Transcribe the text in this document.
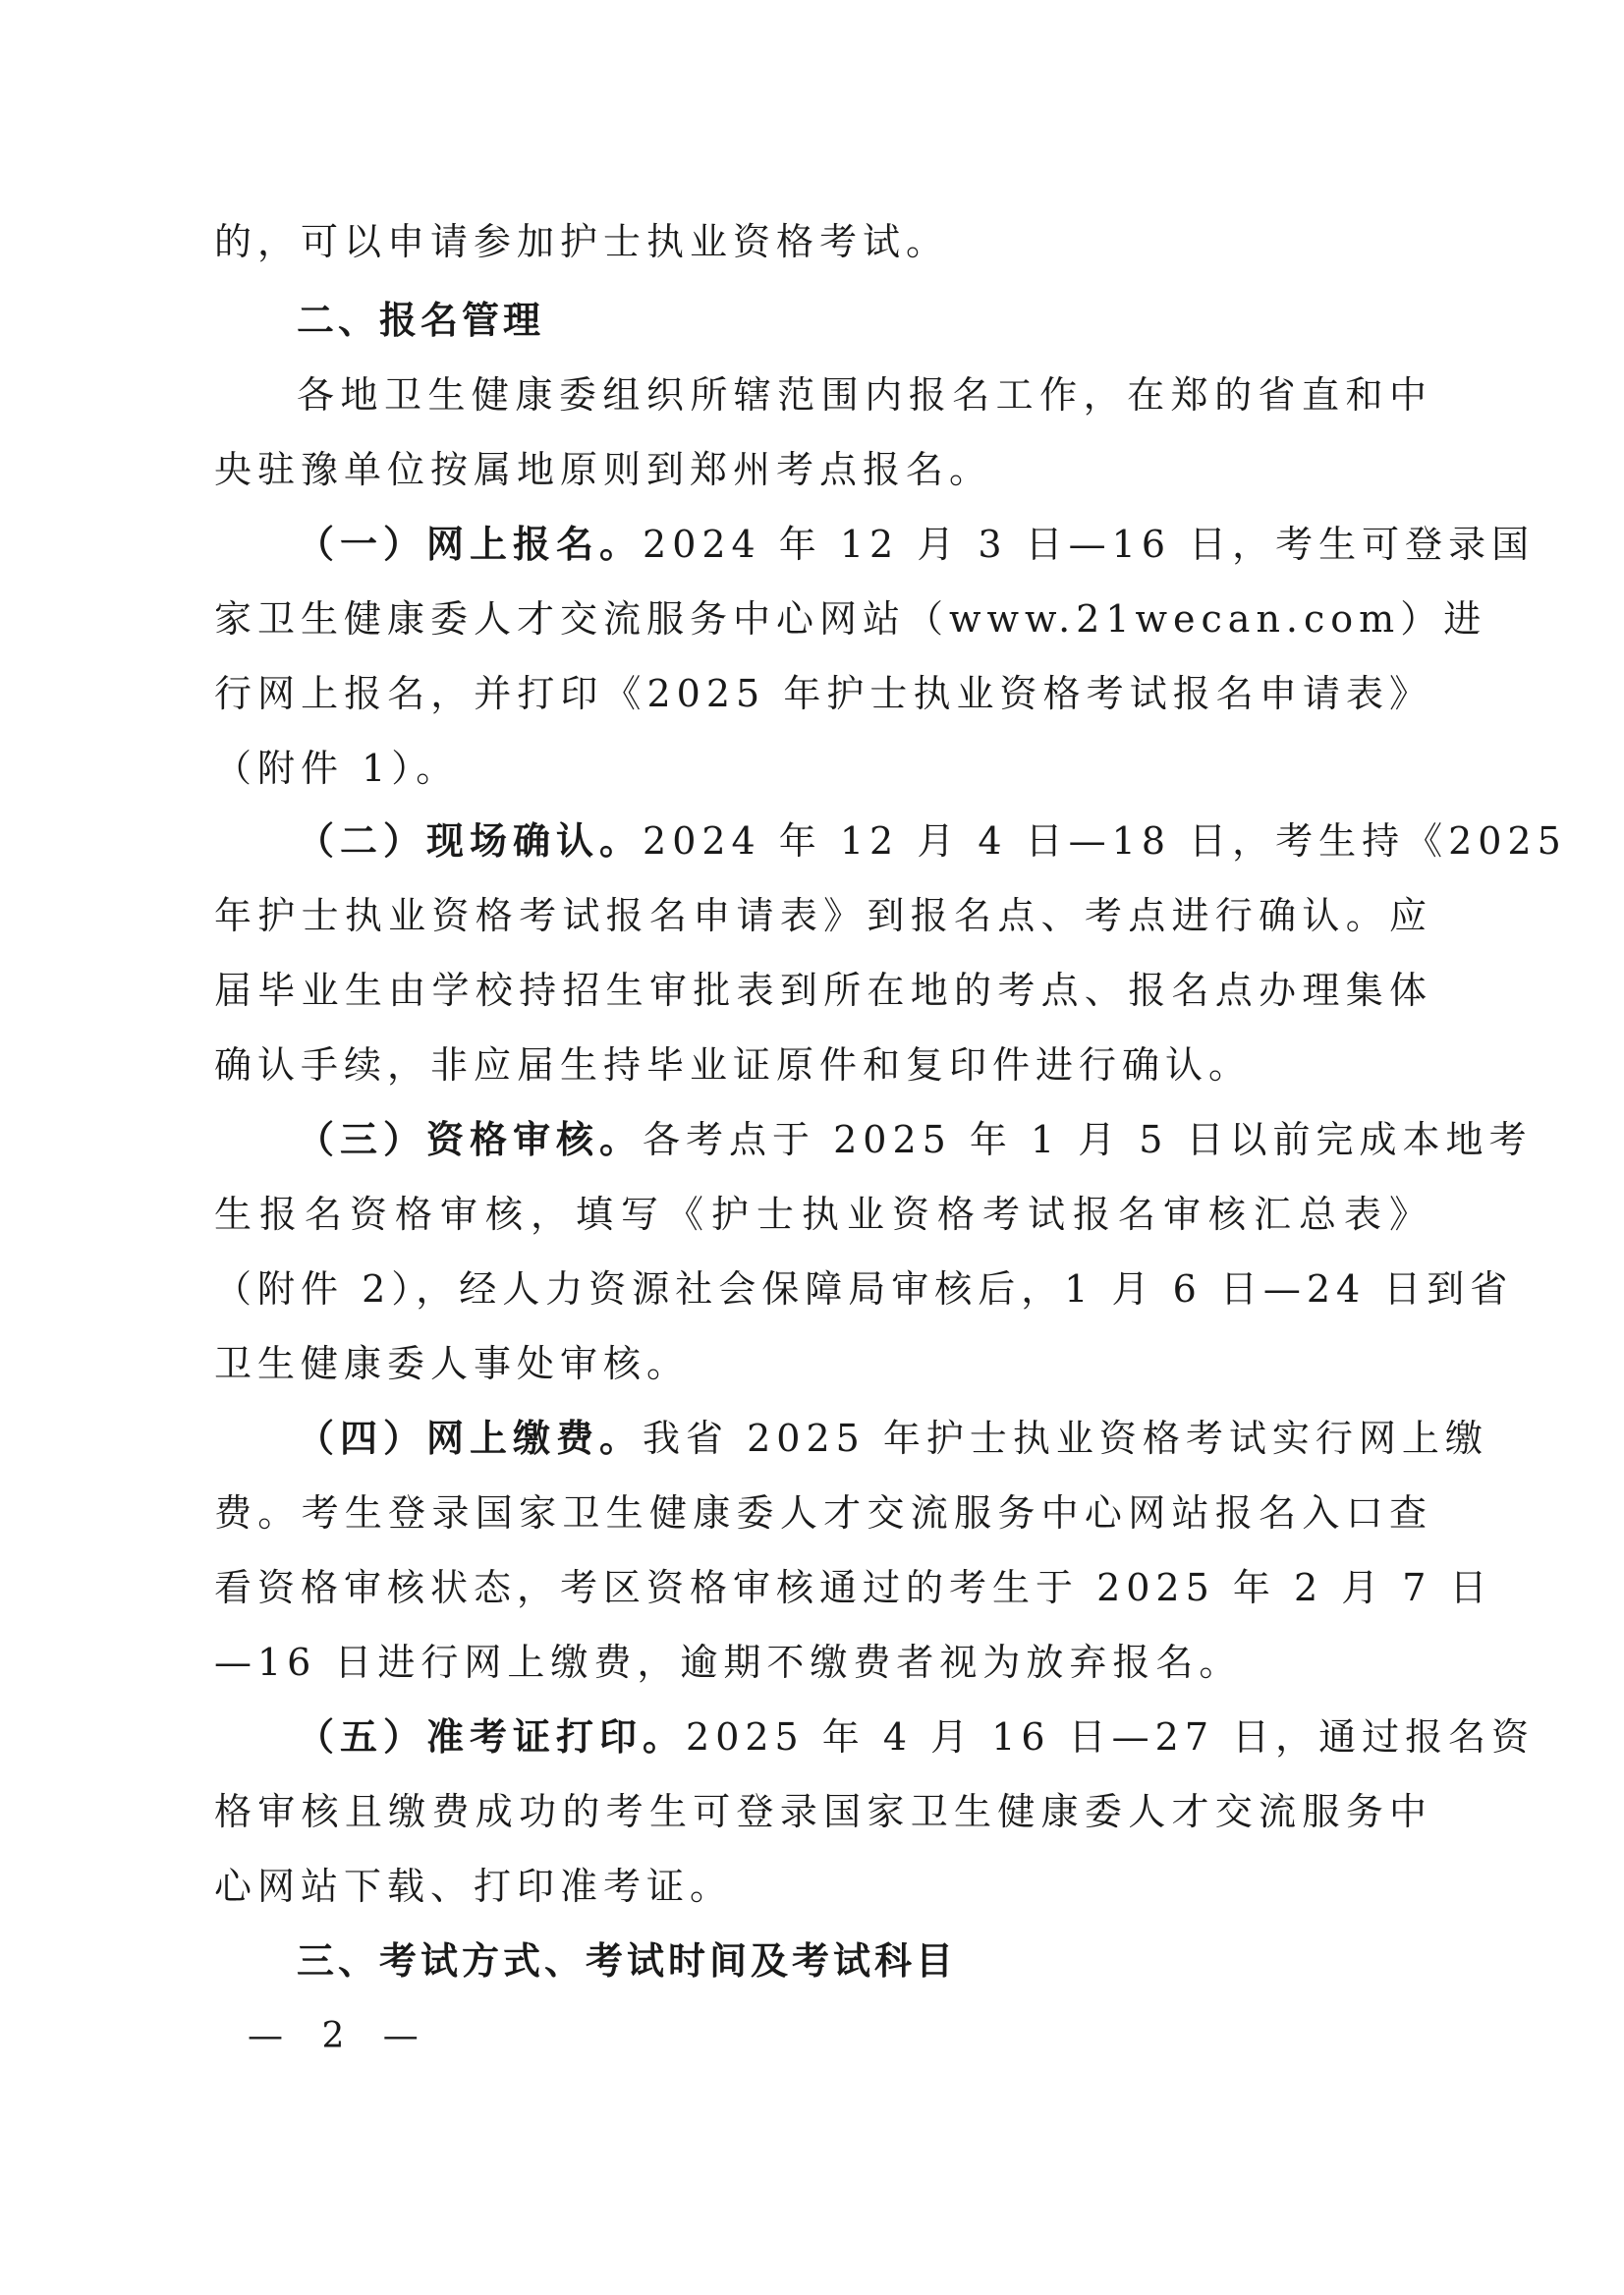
的，可以申请参加护士执业资格考试。
二、报名管理
各地卫生健康委组织所辖范围内报名工作，在郑的省直和中
央驻豫单位按属地原则到郑州考点报名。
（一）网上报名。2024 年 12 月 3 日—16 日，考生可登录国
家卫生健康委人才交流服务中心网站（www.21wecan.com）进
行网上报名，并打印《2025 年护士执业资格考试报名申请表》
（附件 1）。
（二）现场确认。2024 年 12 月 4 日—18 日，考生持《2025
年护士执业资格考试报名申请表》到报名点、考点进行确认。应
届毕业生由学校持招生审批表到所在地的考点、报名点办理集体
确认手续，非应届生持毕业证原件和复印件进行确认。
（三）资格审核。各考点于 2025 年 1 月 5 日以前完成本地考
生报名资格审核，填写《护士执业资格考试报名审核汇总表》
（附件 2），经人力资源社会保障局审核后，1 月 6 日—24 日到省
卫生健康委人事处审核。
（四）网上缴费。我省 2025 年护士执业资格考试实行网上缴
费。考生登录国家卫生健康委人才交流服务中心网站报名入口查
看资格审核状态，考区资格审核通过的考生于 2025 年 2 月 7 日
—16 日进行网上缴费，逾期不缴费者视为放弃报名。
（五）准考证打印。2025 年 4 月 16 日—27 日，通过报名资
格审核且缴费成功的考生可登录国家卫生健康委人才交流服务中
心网站下载、打印准考证。
三、考试方式、考试时间及考试科目
— 2 —
